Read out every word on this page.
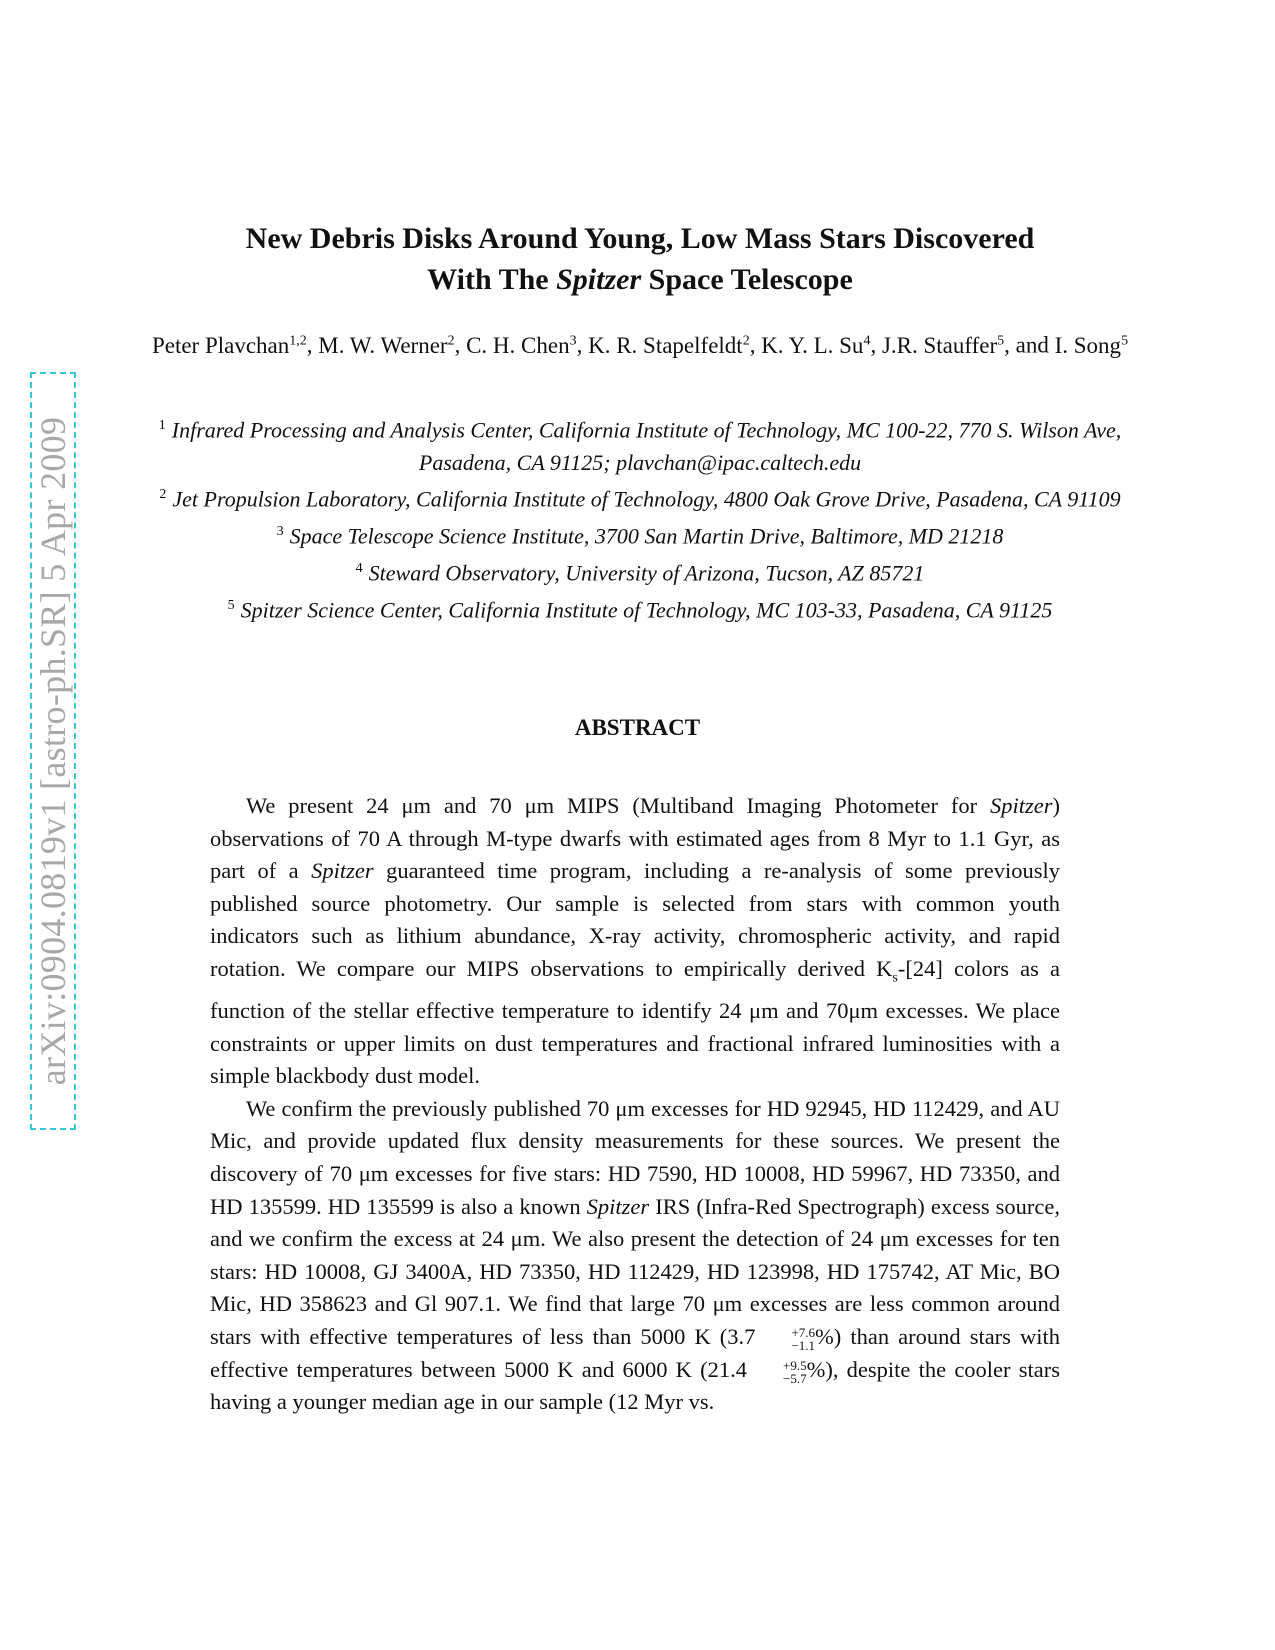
arXiv:0904.0819v1 [astro-ph.SR] 5 Apr 2009
New Debris Disks Around Young, Low Mass Stars Discovered
With The Spitzer Space Telescope
Peter Plavchan$^{1,2}$, M. W. Werner$^2$, C. H. Chen$^3$, K. R. Stapelfeldt$^2$, K. Y. L. Su$^4$, J.R. Stauffer$^5$, and I. Song$^5$

$^1$ Infrared Processing and Analysis Center, California Institute of Technology, MC 100-22, 770 S. Wilson Ave, Pasadena, CA 91125; plavchan@ipac.caltech.edu

$^2$ Jet Propulsion Laboratory, California Institute of Technology, 4800 Oak Grove Drive, Pasadena, CA 91109

$^3$ Space Telescope Science Institute, 3700 San Martin Drive, Baltimore, MD 21218

$^4$ Steward Observatory, University of Arizona, Tucson, AZ 85721

$^5$ Spitzer Science Center, California Institute of Technology, MC 103-33, Pasadena, CA 91125

ABSTRACT

We present 24 μm and 70 μm MIPS (Multiband Imaging Photometer for Spitzer) observations of 70 A through M-type dwarfs with estimated ages from 8 Myr to 1.1 Gyr, as part of a Spitzer guaranteed time program, including a re-analysis of some previously published source photometry. Our sample is selected from stars with common youth indicators such as lithium abundance, X-ray activity, chromospheric activity, and rapid rotation. We compare our MIPS observations to empirically derived $K_s-[24]$ colors as a function of the stellar effective temperature to identify 24 μm and 70μm excesses. We place constraints or upper limits on dust temperatures and fractional infrared luminosities with a simple blackbody dust model.

We confirm the previously published 70 μm excesses for HD 92945, HD 112429, and AU Mic, and provide updated flux density measurements for these sources. We present the discovery of 70 μm excesses for five stars: HD 7590, HD 10008, HD 59967, HD 73350, and HD 135599. HD 135599 is also a known Spitzer IRS (Infra-Red Spectrograph) excess source, and we confirm the excess at 24 μm. We also present the detection of 24 μm excesses for ten stars: HD 10008, GJ 3400A, HD 73350, HD 112429, HD 123998, HD 175742, AT Mic, BO Mic, HD 358623 and Gl 907.1. We find that large 70 μm excesses are less common around stars with effective temperatures of less than 5000 K (3.7	+7.6
−1.1 %) than around stars with effective temperatures between 5000 K and 6000 K (21.4	+9.5
−5.7 %), despite the cooler stars having a younger median age in our sample (12 Myr vs.
